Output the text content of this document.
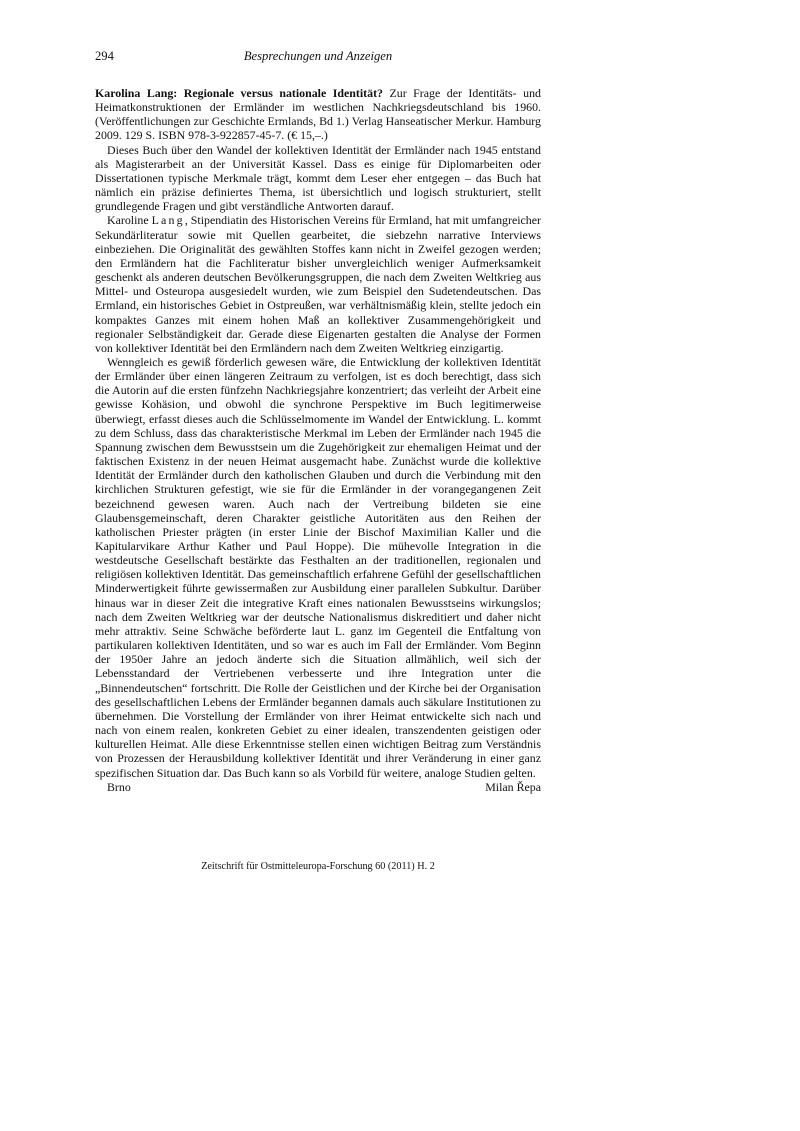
294	Besprechungen und Anzeigen

Karolina Lang: Regionale versus nationale Identität? Zur Frage der Identitäts- und Heimatkonstruktionen der Ermländer im westlichen Nachkriegsdeutschland bis 1960. (Veröffentlichungen zur Geschichte Ermlands, Bd 1.) Verlag Hanseatischer Merkur. Hamburg 2009. 129 S. ISBN 978-3-922857-45-7. (€ 15,–.)

Dieses Buch über den Wandel der kollektiven Identität der Ermländer nach 1945 entstand als Magisterarbeit an der Universität Kassel. Dass es einige für Diplomarbeiten oder Dissertationen typische Merkmale trägt, kommt dem Leser eher entgegen – das Buch hat nämlich ein präzise definiertes Thema, ist übersichtlich und logisch strukturiert, stellt grundlegende Fragen und gibt verständliche Antworten darauf.

Karoline Lang, Stipendiatin des Historischen Vereins für Ermland, hat mit umfangreicher Sekundärliteratur sowie mit Quellen gearbeitet, die siebzehn narrative Interviews einbeziehen. Die Originalität des gewählten Stoffes kann nicht in Zweifel gezogen werden; den Ermländern hat die Fachliteratur bisher unvergleichlich weniger Aufmerksamkeit geschenkt als anderen deutschen Bevölkerungsgruppen, die nach dem Zweiten Weltkrieg aus Mittel- und Osteuropa ausgesiedelt wurden, wie zum Beispiel den Sudetendeutschen. Das Ermland, ein historisches Gebiet in Ostpreußen, war verhältnismäßig klein, stellte jedoch ein kompaktes Ganzes mit einem hohen Maß an kollektiver Zusammengehörigkeit und regionaler Selbständigkeit dar. Gerade diese Eigenarten gestalten die Analyse der Formen von kollektiver Identität bei den Ermländern nach dem Zweiten Weltkrieg einzigartig.

Wenngleich es gewiß förderlich gewesen wäre, die Entwicklung der kollektiven Identität der Ermländer über einen längeren Zeitraum zu verfolgen, ist es doch berechtigt, dass sich die Autorin auf die ersten fünfzehn Nachkriegsjahre konzentriert; das verleiht der Arbeit eine gewisse Kohäsion, und obwohl die synchrone Perspektive im Buch legitimerweise überwiegt, erfasst dieses auch die Schlüsselmomente im Wandel der Entwicklung. L. kommt zu dem Schluss, dass das charakteristische Merkmal im Leben der Ermländer nach 1945 die Spannung zwischen dem Bewusstsein um die Zugehörigkeit zur ehemaligen Heimat und der faktischen Existenz in der neuen Heimat ausgemacht habe. Zunächst wurde die kollektive Identität der Ermländer durch den katholischen Glauben und durch die Verbindung mit den kirchlichen Strukturen gefestigt, wie sie für die Ermländer in der vorangegangenen Zeit bezeichnend gewesen waren. Auch nach der Vertreibung bildeten sie eine Glaubensgemeinschaft, deren Charakter geistliche Autoritäten aus den Reihen der katholischen Priester prägten (in erster Linie der Bischof Maximilian Kaller und die Kapitularvikare Arthur Kather und Paul Hoppe). Die mühevolle Integration in die westdeutsche Gesellschaft bestärkte das Festhalten an der traditionellen, regionalen und religiösen kollektiven Identität. Das gemeinschaftlich erfahrene Gefühl der gesellschaftlichen Minderwertigkeit führte gewissermaßen zur Ausbildung einer parallelen Subkultur. Darüber hinaus war in dieser Zeit die integrative Kraft eines nationalen Bewusstseins wirkungslos; nach dem Zweiten Weltkrieg war der deutsche Nationalismus diskreditiert und daher nicht mehr attraktiv. Seine Schwäche beförderte laut L. ganz im Gegenteil die Entfaltung von partikularen kollektiven Identitäten, und so war es auch im Fall der Ermländer. Vom Beginn der 1950er Jahre an jedoch änderte sich die Situation allmählich, weil sich der Lebensstandard der Vertriebenen verbesserte und ihre Integration unter die „Binnendeutschen“ fortschritt. Die Rolle der Geistlichen und der Kirche bei der Organisation des gesellschaftlichen Lebens der Ermländer begannen damals auch säkulare Institutionen zu übernehmen. Die Vorstellung der Ermländer von ihrer Heimat entwickelte sich nach und nach von einem realen, konkreten Gebiet zu einer idealen, transzendenten geistigen oder kulturellen Heimat. Alle diese Erkenntnisse stellen einen wichtigen Beitrag zum Verständnis von Prozessen der Herausbildung kollektiver Identität und ihrer Veränderung in einer ganz spezifischen Situation dar. Das Buch kann so als Vorbild für weitere, analoge Studien gelten.

Brno	Milan Řepa
Zeitschrift für Ostmitteleuropa-Forschung 60 (2011) H. 2
